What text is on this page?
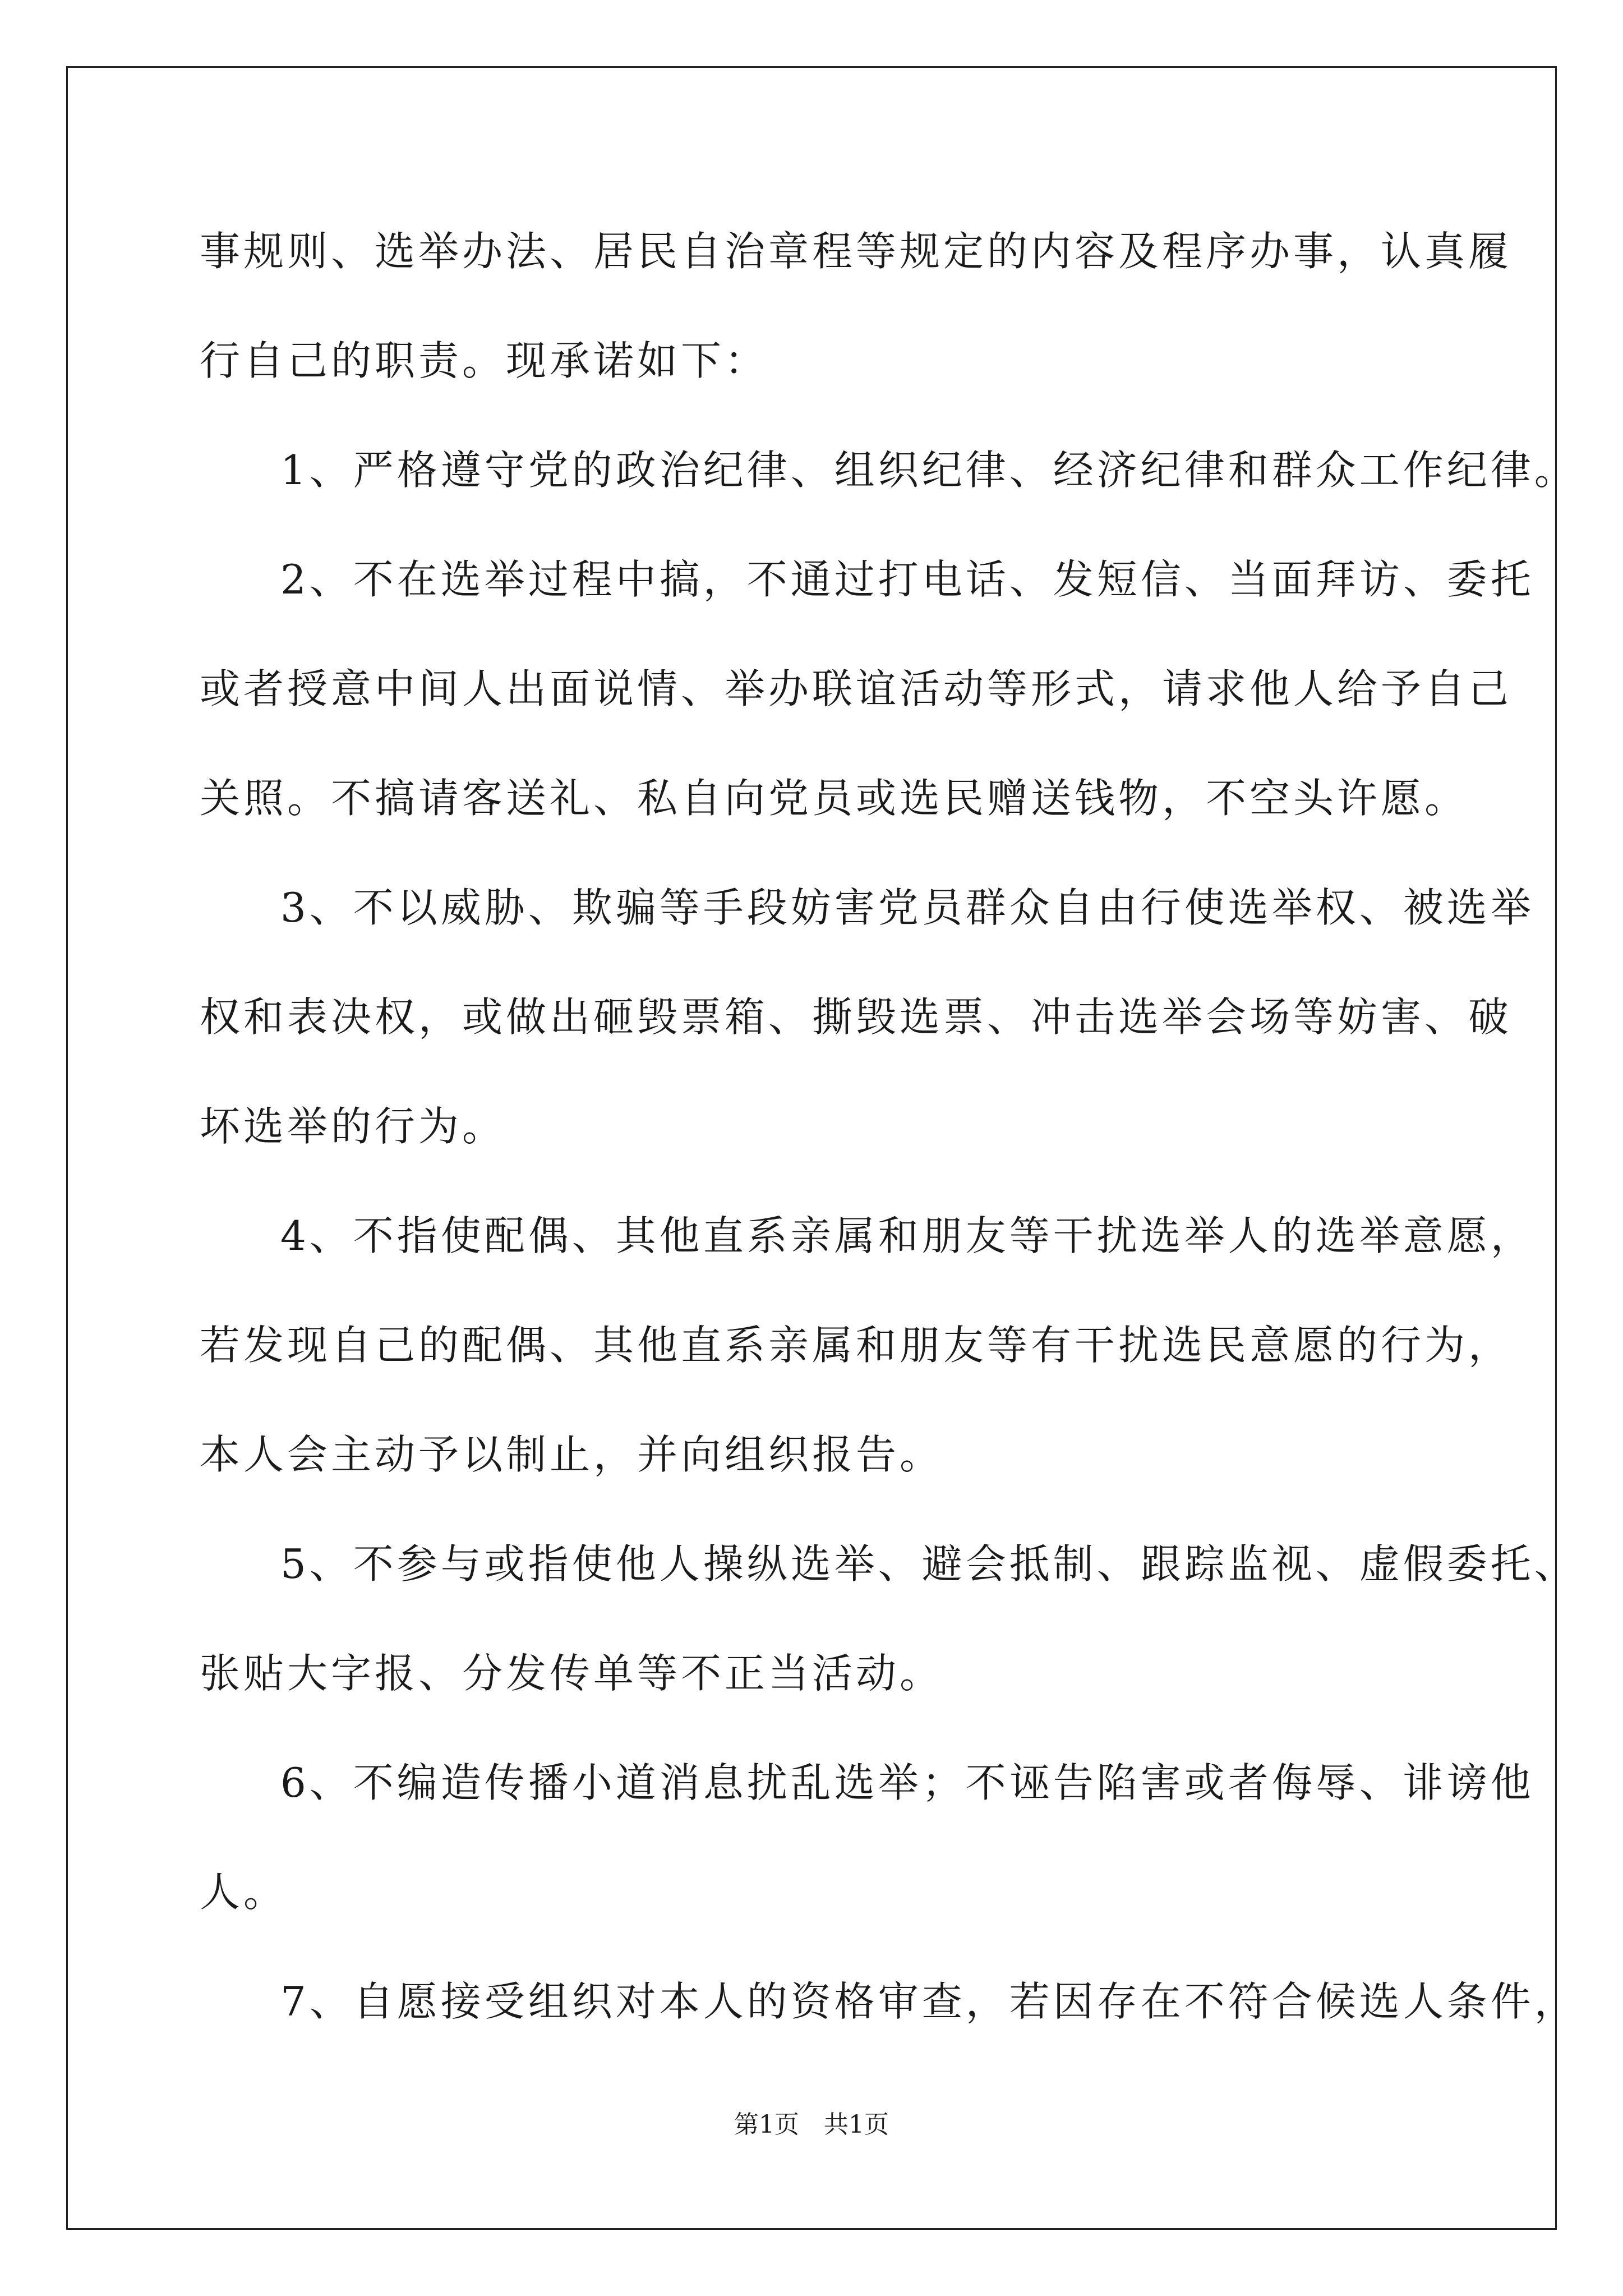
事规则、选举办法、居民自治章程等规定的内容及程序办事，认真履
行自己的职责。现承诺如下：
1、严格遵守党的政治纪律、组织纪律、经济纪律和群众工作纪律。
2、不在选举过程中搞，不通过打电话、发短信、当面拜访、委托
或者授意中间人出面说情、举办联谊活动等形式，请求他人给予自己
关照。不搞请客送礼、私自向党员或选民赠送钱物，不空头许愿。
3、不以威胁、欺骗等手段妨害党员群众自由行使选举权、被选举
权和表决权，或做出砸毁票箱、撕毁选票、冲击选举会场等妨害、破
坏选举的行为。
4、不指使配偶、其他直系亲属和朋友等干扰选举人的选举意愿，
若发现自己的配偶、其他直系亲属和朋友等有干扰选民意愿的行为，
本人会主动予以制止，并向组织报告。
5、不参与或指使他人操纵选举、避会抵制、跟踪监视、虚假委托、
张贴大字报、分发传单等不正当活动。
6、不编造传播小道消息扰乱选举；不诬告陷害或者侮辱、诽谤他
人。
7、自愿接受组织对本人的资格审查，若因存在不符合候选人条件，
第1页　共1页
